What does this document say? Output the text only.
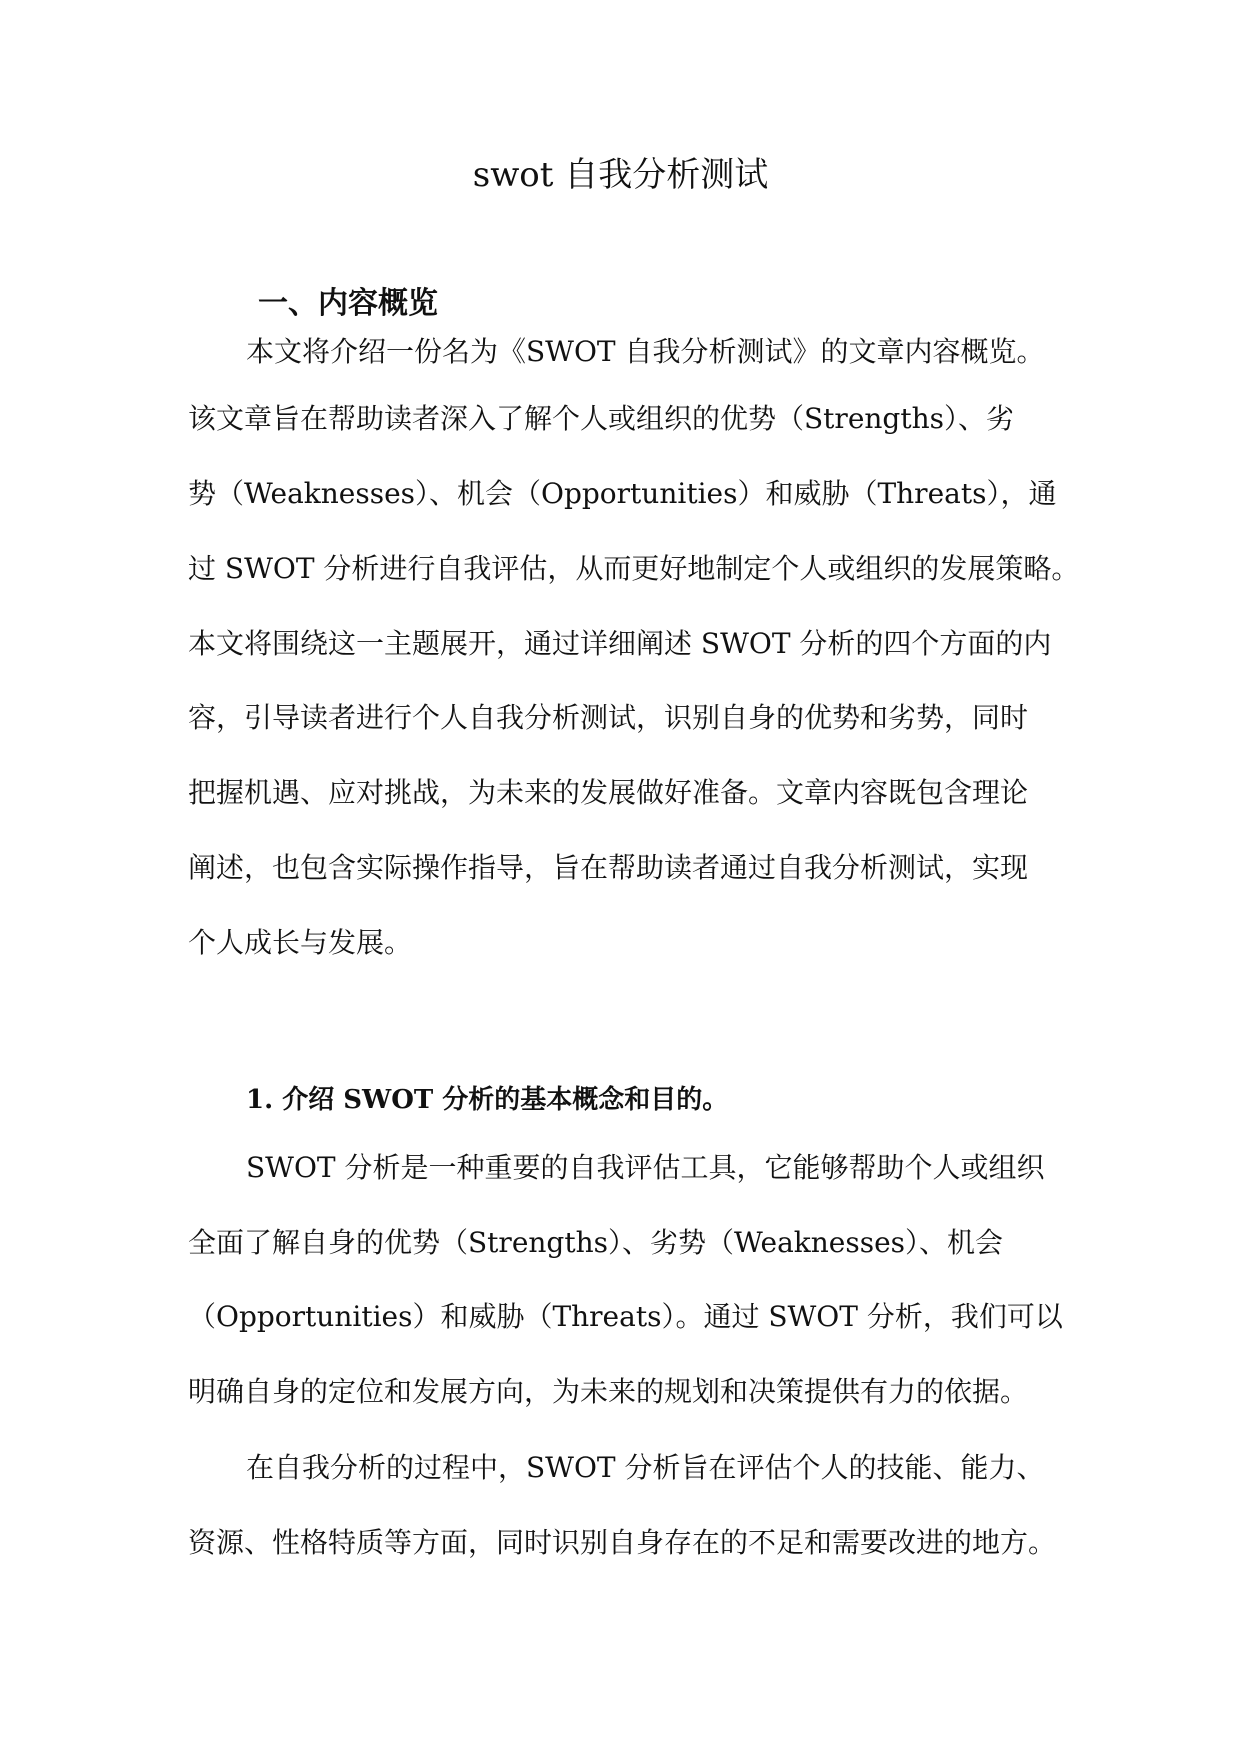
swot 自我分析测试
一、内容概览

本文将介绍一份名为《SWOT 自我分析测试》的文章内容概览。

该文章旨在帮助读者深入了解个人或组织的优势（Strengths）、劣

势（Weaknesses）、机会（Opportunities）和威胁（Threats），通

过 SWOT 分析进行自我评估，从而更好地制定个人或组织的发展策略。

本文将围绕这一主题展开，通过详细阐述 SWOT 分析的四个方面的内

容，引导读者进行个人自我分析测试，识别自身的优势和劣势，同时

把握机遇、应对挑战，为未来的发展做好准备。文章内容既包含理论

阐述，也包含实际操作指导，旨在帮助读者通过自我分析测试，实现

个人成长与发展。

1. 介绍 SWOT 分析的基本概念和目的。

SWOT 分析是一种重要的自我评估工具，它能够帮助个人或组织

全面了解自身的优势（Strengths）、劣势（Weaknesses）、机会

（Opportunities）和威胁（Threats）。通过 SWOT 分析，我们可以

明确自身的定位和发展方向，为未来的规划和决策提供有力的依据。

在自我分析的过程中，SWOT 分析旨在评估个人的技能、能力、

资源、性格特质等方面，同时识别自身存在的不足和需要改进的地方。
